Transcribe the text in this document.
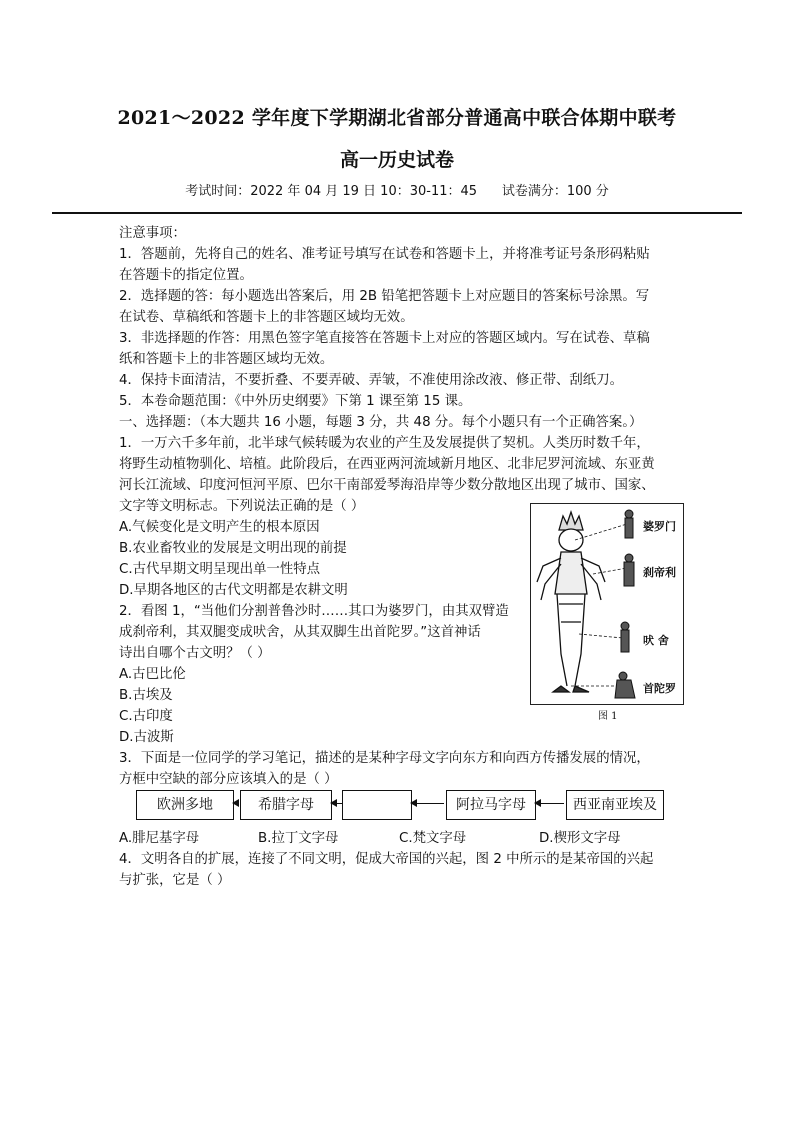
2021～2022 学年度下学期湖北省部分普通高中联合体期中联考
高一历史试卷
考试时间：2022 年 04 月 19 日 10：30-11：45      试卷满分：100 分
注意事项：
1．答题前，先将自己的姓名、准考证号填写在试卷和答题卡上，并将准考证号条形码粘贴
在答题卡的指定位置。
2．选择题的答：每小题选出答案后，用 2B 铅笔把答题卡上对应题目的答案标号涂黑。写
在试卷、草稿纸和答题卡上的非答题区域均无效。
3．非选择题的作答：用黑色签字笔直接答在答题卡上对应的答题区域内。写在试卷、草稿
纸和答题卡上的非答题区域均无效。
4．保持卡面清洁，不要折叠、不要弄破、弄皱，不准使用涂改液、修正带、刮纸刀。
5．本卷命题范围：《中外历史纲要》下第 1 课至第 15 课。
一、选择题：（本大题共 16 小题，每题 3 分，共 48 分。每个小题只有一个正确答案。）
1．一万六千多年前，北半球气候转暖为农业的产生及发展提供了契机。人类历时数千年，
将野生动植物驯化、培植。此阶段后，在西亚两河流域新月地区、北非尼罗河流域、东亚黄
河长江流域、印度河恒河平原、巴尔干南部爱琴海沿岸等少数分散地区出现了城市、国家、
文字等文明标志。下列说法正确的是（ ）
A.气候变化是文明产生的根本原因
B.农业畜牧业的发展是文明出现的前提
C.古代早期文明呈现出单一性特点
D.早期各地区的古代文明都是农耕文明
2．看图 1，“当他们分割普鲁沙时……其口为婆罗门，由其双臂造
成刹帝利，其双腿变成吠舍，从其双脚生出首陀罗。”这首神话
诗出自哪个古文明？（ ）
A.古巴比伦
B.古埃及
C.古印度
D.古波斯
婆罗门
刹帝利
吠 舍
首陀罗
图 1
3．下面是一位同学的学习笔记，描述的是某种字母文字向东方和向西方传播发展的情况，
方框中空缺的部分应该填入的是（ ）
欧洲多地	希腊字母	阿拉马字母	西亚南亚埃及
A.腓尼基字母	B.拉丁文字母	C.梵文字母	D.楔形文字母
4．文明各自的扩展，连接了不同文明，促成大帝国的兴起，图 2 中所示的是某帝国的兴起
与扩张，它是（ ）
